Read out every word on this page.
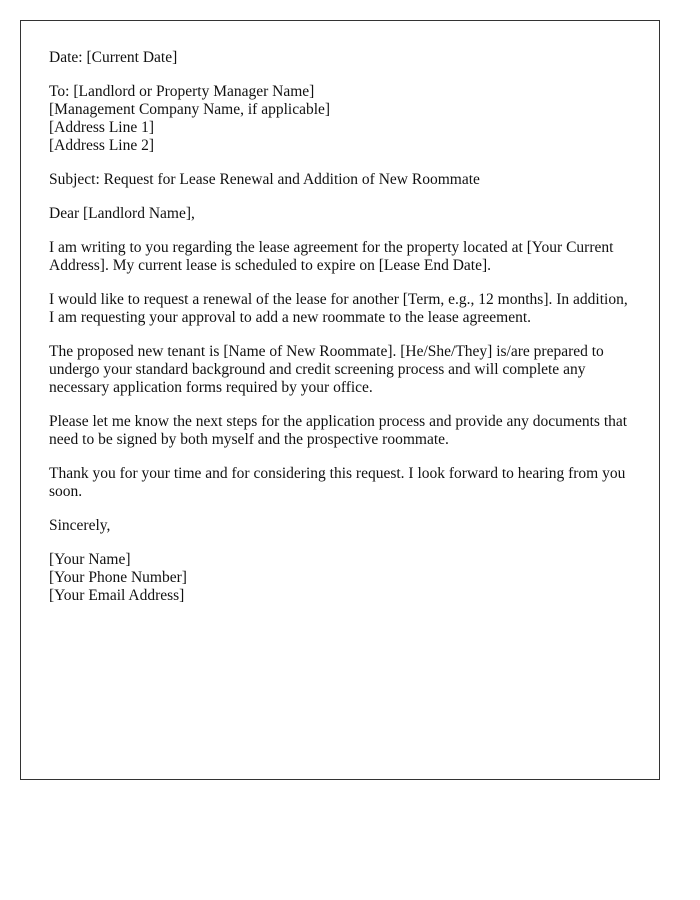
Date: [Current Date]

To: [Landlord or Property Manager Name]
[Management Company Name, if applicable]
[Address Line 1]
[Address Line 2]

Subject: Request for Lease Renewal and Addition of New Roommate

Dear [Landlord Name],

I am writing to you regarding the lease agreement for the property located at [Your Current Address]. My current lease is scheduled to expire on [Lease End Date].

I would like to request a renewal of the lease for another [Term, e.g., 12 months]. In addition, I am requesting your approval to add a new roommate to the lease agreement.

The proposed new tenant is [Name of New Roommate]. [He/She/They] is/are prepared to undergo your standard background and credit screening process and will complete any necessary application forms required by your office.

Please let me know the next steps for the application process and provide any documents that need to be signed by both myself and the prospective roommate.

Thank you for your time and for considering this request. I look forward to hearing from you soon.

Sincerely,

[Your Name]
[Your Phone Number]
[Your Email Address]
